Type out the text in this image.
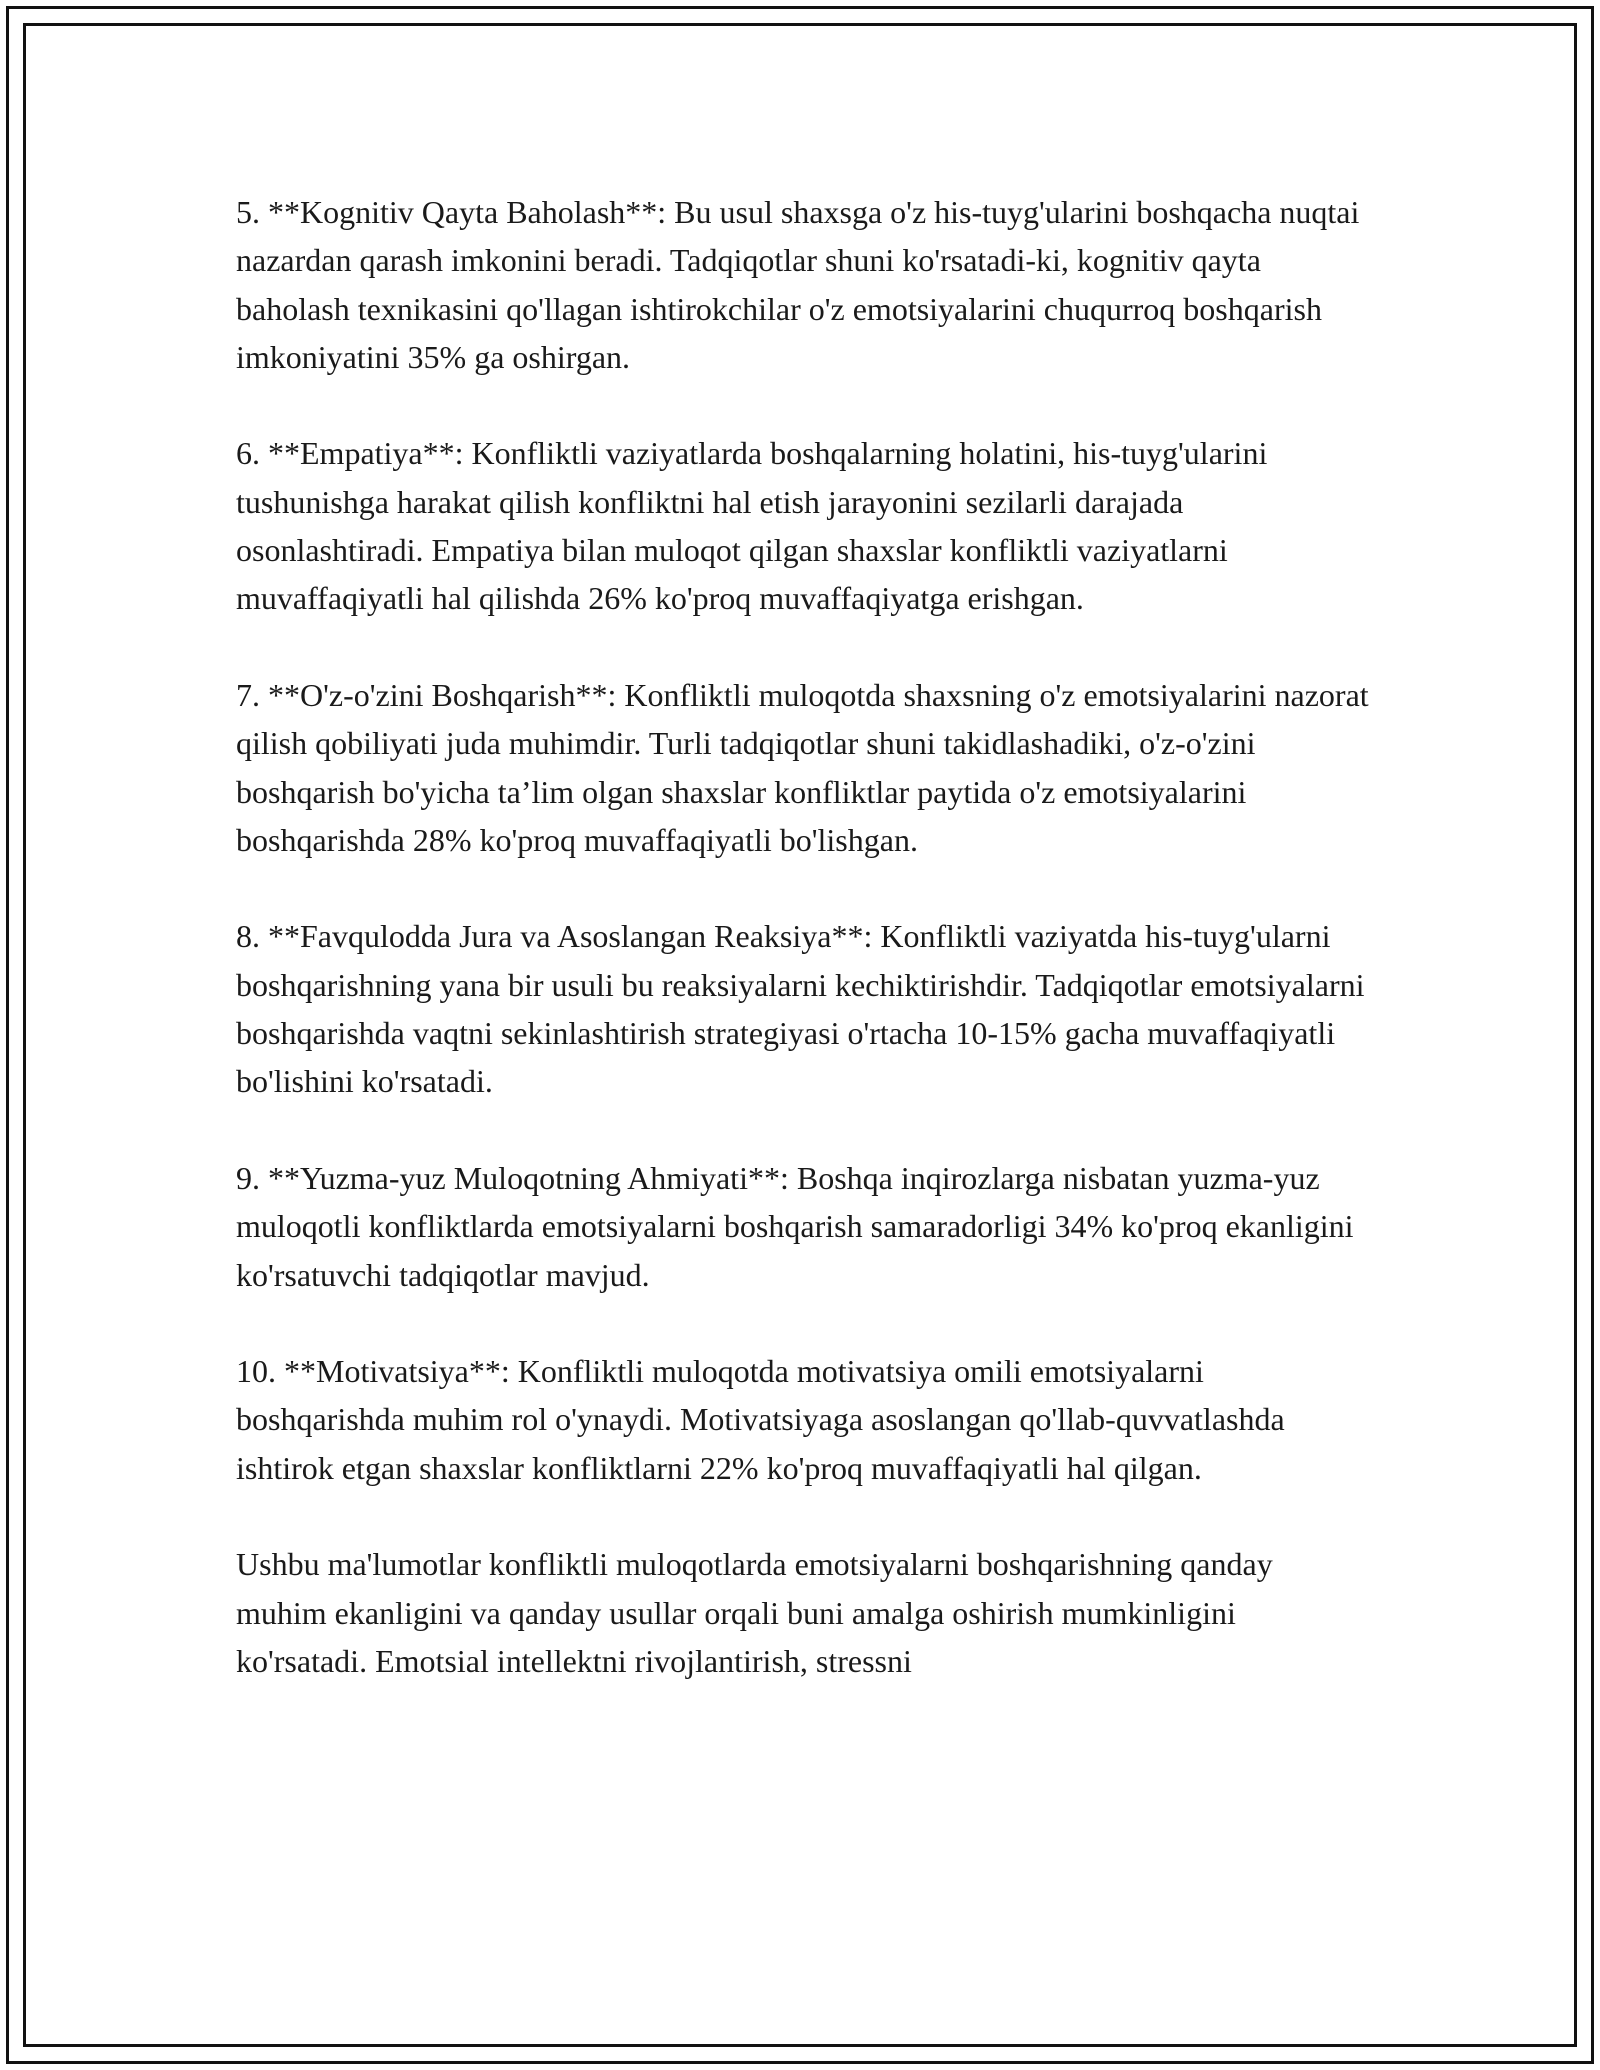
5. **Kognitiv Qayta Baholash**: Bu usul shaxsga o'z his-tuyg'ularini boshqacha nuqtai nazardan qarash imkonini beradi. Tadqiqotlar shuni ko'rsatadi-ki, kognitiv qayta baholash texnikasini qo'llagan ishtirokchilar o'z emotsiyalarini chuqurroq boshqarish imkoniyatini 35% ga oshirgan.

6. **Empatiya**: Konfliktli vaziyatlarda boshqalarning holatini, his-tuyg'ularini tushunishga harakat qilish konfliktni hal etish jarayonini sezilarli darajada osonlashtiradi. Empatiya bilan muloqot qilgan shaxslar konfliktli vaziyatlarni muvaffaqiyatli hal qilishda 26% ko'proq muvaffaqiyatga erishgan.

7. **O'z-o'zini Boshqarish**: Konfliktli muloqotda shaxsning o'z emotsiyalarini nazorat qilish qobiliyati juda muhimdir. Turli tadqiqotlar shuni takidlashadiki, o'z-o'zini boshqarish bo'yicha ta’lim olgan shaxslar konfliktlar paytida o'z emotsiyalarini boshqarishda 28% ko'proq muvaffaqiyatli bo'lishgan.

8. **Favqulodda Jura va Asoslangan Reaksiya**: Konfliktli vaziyatda his-tuyg'ularni boshqarishning yana bir usuli bu reaksiyalarni kechiktirishdir. Tadqiqotlar emotsiyalarni boshqarishda vaqtni sekinlashtirish strategiyasi o'rtacha 10-15% gacha muvaffaqiyatli bo'lishini ko'rsatadi.

9. **Yuzma-yuz Muloqotning Ahmiyati**: Boshqa inqirozlarga nisbatan yuzma-yuz muloqotli konfliktlarda emotsiyalarni boshqarish samaradorligi 34% ko'proq ekanligini ko'rsatuvchi tadqiqotlar mavjud.

10. **Motivatsiya**: Konfliktli muloqotda motivatsiya omili emotsiyalarni boshqarishda muhim rol o'ynaydi. Motivatsiyaga asoslangan qo'llab-quvvatlashda ishtirok etgan shaxslar konfliktlarni 22% ko'proq muvaffaqiyatli hal qilgan.

Ushbu ma'lumotlar konfliktli muloqotlarda emotsiyalarni boshqarishning qanday muhim ekanligini va qanday usullar orqali buni amalga oshirish mumkinligini ko'rsatadi. Emotsial intellektni rivojlantirish, stressni
